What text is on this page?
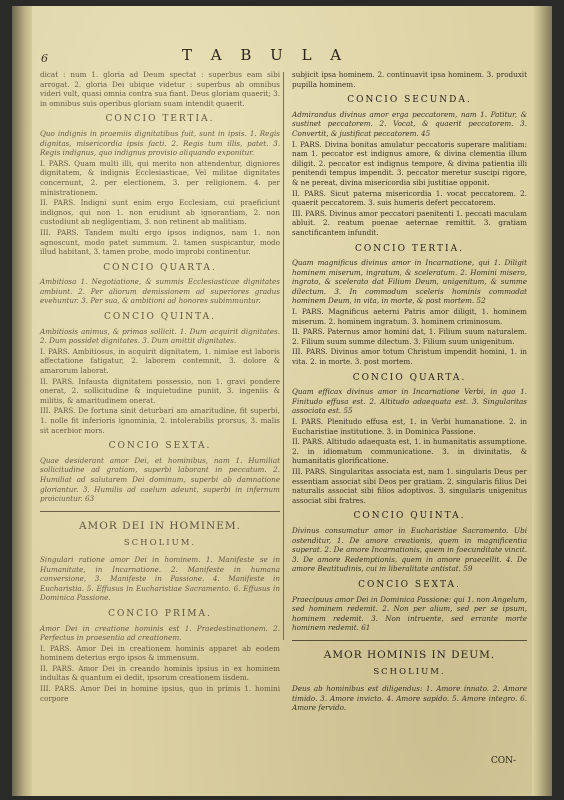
6	T A B U L A

dicat : num 1. gloria ad Deum spectat : superbus eam sibi arrogat. 2. gloria Dei ubique videtur : superbus ab omnibus videri vult, quasi omnia contra sua fiant. Deus gloriam quaerit; 3. in omnibus suis operibus gloriam suam intendit quaerit.

CONCIO TERTIA.

Quo indignis in praemiis dignitatibus fuit, sunt in ipsis. 1. Regis dignitas, misericordia ipsis facti. 2. Regis tum illis, patet. 3. Regis indignus, quo indignus provisio aliquando exponitur.

I. PARS. Quam multi illi, qui merito non attendentur, digniores dignitatem, & indignis Ecclesiasticae, Vel militae dignitates concernunt, 2. per electionem, 3. per religionem. 4. per ministrationem.

II. PARS. Indigni sunt enim ergo Ecclesiam, cui praeficiunt indignos, qui non 1. non erudiunt ab ignorantiam, 2. non custodiunt ab negligentiam, 3. non retinent ab malitiam.

III. PARS. Tandem multi ergo ipsos indignos, nam 1. non agnoscunt, modo patet summum. 2. tamen suspicantur, modo illud habitant, 3. tamen probe, modo improbi continentur.

CONCIO QUARTA.

Ambitiosa 1. Negotiatione, & summis Ecclesiasticae dignitates ambiunt. 2. Per aliorum demissionem ad superiores gradus evehuntur. 3. Per sua, & ambitioni ad honores subimmuntur.

CONCIO QUINTA.

Ambitiosis animus, & primas sollicit. 1. Dum acquirit dignitates. 2. Dum possidet dignitates. 3. Dum amittit dignitates.

I. PARS. Ambitiosus, in acquirit dignitatem, 1. nimiae est laboris affectatione fatigatur, 2. laborem contemnit, 3. dolore & amarorum laborat.

II. PARS. Infausta dignitatem possessio, non 1. gravi pondere onerat, 2. sollicitudine & inquietudine puniit, 3. ingeniis & militis, & amaritudinem onerat.

III. PARS. De fortuna sinit deturbari am amaritudine, fit superbi, 1. nolle fit inferioris ignominia, 2. intolerabilis prorsus, 3. malis sit acerbior mors.

CONCIO SEXTA.

Quae desiderant amor Dei, et hominibus, nam 1. Humiliat sollicitudine ad gratiam, superbi laborant in peccatum. 2. Humiliat ad salutarem Dei dominum, superbi ab damnatione gloriantur. 3. Humilis ad caelum adeunt, superbi in infernum proiciuntur. 63

AMOR DEI IN HOMINEM.
SCHOLIUM.

Singulari ratione amor Dei in hominem. 1. Manifeste se in Humanitate, in Incarnatione. 2. Manifeste in humana conversione, 3. Manifeste in Passione. 4. Manifeste in Eucharistia. 5. Effusus in Eucharistiae Sacramento. 6. Effusus in Dominica Passione.

CONCIO PRIMA.

Amor Dei in creatione hominis est 1. Praedestinationem. 2. Perfectus in praesentia ad creationem.

I. PARS. Amor Dei in creationem hominis apparet ab eodem hominem deterius ergo ipsos & immensum.

II. PARS. Amor Dei in creando hominis ipsius in ex hominem indultas & quantum ei dedit, ipsorum creationem iisdem.

III. PARS. Amor Dei in homine ipsius, quo in primis 1. homini corpore

subjicit ipsa hominem. 2. continuavit ipsa hominem. 3. produxit pupilla hominem.

CONCIO SECUNDA.

Admirandus divinus amor erga peccatorem, nam 1. Patitur, & sustinet peccatorem. 2. Vocat, & quaerit peccatorem. 3. Convertit, & justificat peccatorem. 45

I. PARS. Divina bonitas amulatur peccatoris superare malitiam: nam 1. peccator est indignus amore, & divina clementia illum diligit. 2. peccator est indignus tempore, & divina patientia illi penitendi tempus impendit. 3. peccator meretur suscipi rigore, & ne pereat, divina misericordia sibi justitiae opponit.

II. PARS. Sicut paterna misericordia 1. vocat peccatorem. 2. quaerit peccatorem. 3. suis humeris defert peccatorem.

III. PARS. Divinus amor peccatori paenitenti 1. peccati maculam abluit. 2. reatum poenae aeternae remittit. 3. gratiam sanctificantem infundit.

CONCIO TERTIA.

Quam magnificus divinus amor in Incarnatione, qui 1. Diligit hominem miserum, ingratum, & sceleratum. 2. Homini misero, ingrato, & scelerato dat Filium Deum, unigenitum, & summe dilectum. 3. In commodum sceleris hominis commodat hominem Deum, in vita, in morte, & post mortem. 52

I. PARS. Magnificus aeterni Patris amor diligit, 1. hominem miserum. 2. hominem ingratum. 3. hominem criminosum.

II. PARS. Paternus amor homini dat, 1. Filium suum naturalem. 2. Filium suum summe dilectum. 3. Filium suum unigenitum.

III. PARS. Divinus amor totum Christum impendit homini, 1. in vita. 2. in morte. 3. post mortem.

CONCIO QUARTA.

Quam efficax divinus amor in Incarnatione Verbi, in quo 1. Finitudo effusa est. 2. Altitudo adaequata est. 3. Singularitas associata est. 55

I. PARS. Plenitudo effusa est, 1. in Verbi humanatione. 2. in Eucharistiae institutione. 3. in Dominica Passione.

II. PARS. Altitudo adaequata est, 1. in humanitatis assumptione. 2. in idiomatum communicatione. 3. in divinitatis, & humanitatis glorificatione.

III. PARS. Singularitas associata est, nam 1. singularis Deus per essentiam associat sibi Deos per gratiam. 2. singularis filius Dei naturalis associat sibi filios adoptivos. 3. singularis unigenitus associat sibi fratres.

CONCIO QUINTA.

Divinus consumatur amor in Eucharistiae Sacramento. Ubi ostenditur, 1. De amore creationis, quem in magnificentia superat. 2. De amore Incarnationis, quem in foecunditate vincit. 3. De amore Redemptionis, quem in amore praecellit. 4. De amore Beatitudinis, cui in liberalitate antistat. 59

CONCIO SEXTA.

Praecipuus amor Dei in Dominica Passione: qui 1. non Angelum, sed hominem redemit. 2. Non per alium, sed per se ipsum, hominem redemit. 3. Non intruente, sed errante morte hominem redemit. 61

AMOR HOMINIS IN DEUM.
SCHOLIUM.

Deus ab hominibus est diligendus: 1. Amore innato. 2. Amore timido. 3. Amore invicto. 4. Amore sapido. 5. Amore integro. 6. Amore fervido.

CON-
